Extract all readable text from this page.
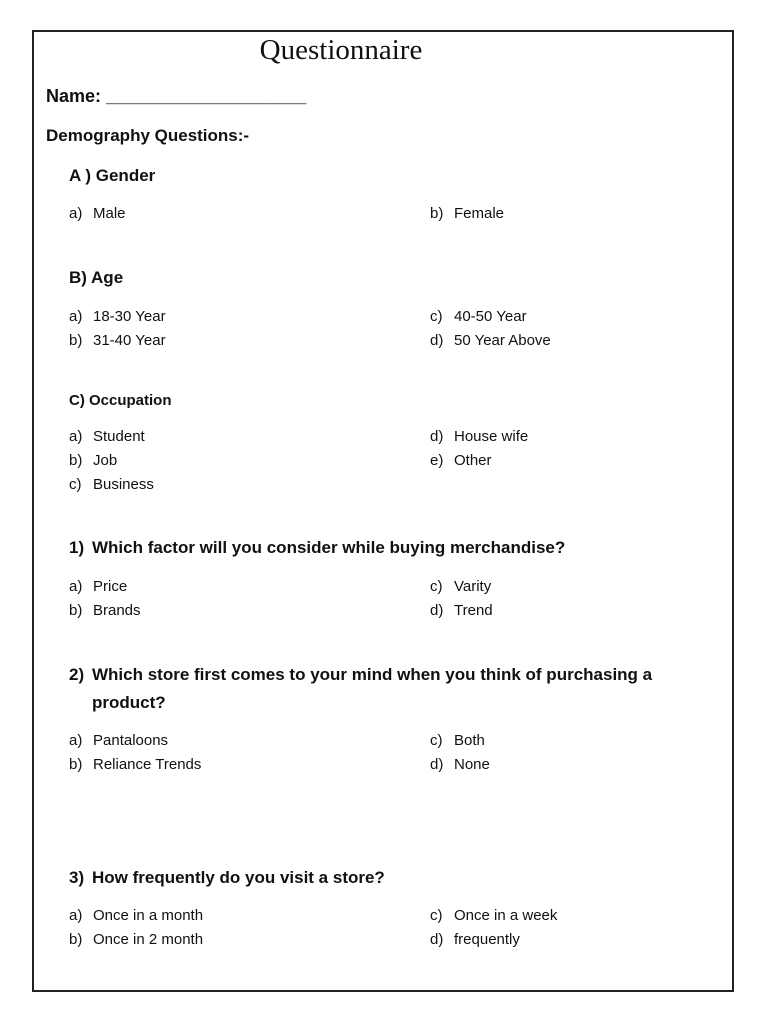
Questionnaire
Name: ____________________
Demography Questions:-
A ) Gender
a) Male	b) Female
B) Age
a) 18-30 Year
b) 31-40 Year
c) 40-50 Year
d) 50 Year Above
C) Occupation
a) Student
b) Job
c) Business
d) House wife
e) Other
1) Which factor will you consider while buying merchandise?
a) Price
b) Brands
c) Varity
d) Trend
2) Which store first comes to your mind when you think of purchasing a
product?
a) Pantaloons
b) Reliance Trends
c) Both
d) None
3) How frequently do you visit a store?
a) Once in a month
b) Once in 2 month
c) Once in a week
d) frequently
